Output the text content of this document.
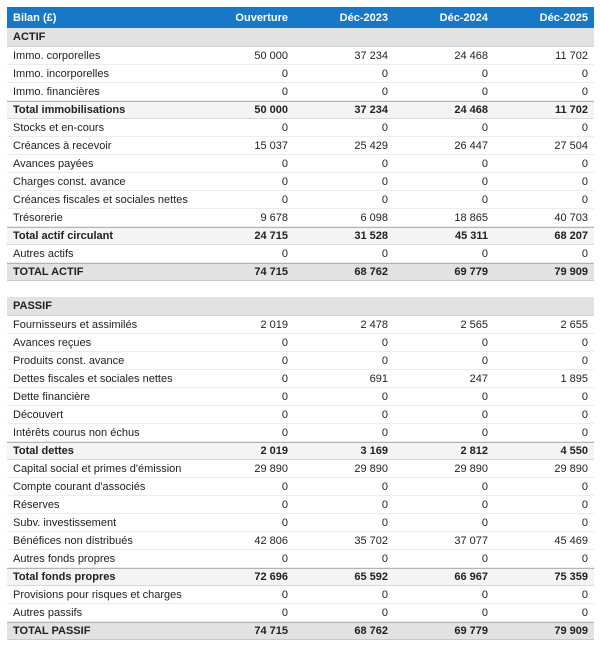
Bilan (£)	Ouverture	Déc-2023	Déc-2024	Déc-2025
ACTIF
Immo. corporelles	50 000	37 234	24 468	11 702
Immo. incorporelles	0	0	0	0
Immo. financières	0	0	0	0
Total immobilisations	50 000	37 234	24 468	11 702
Stocks et en-cours	0	0	0	0
Créances à recevoir	15 037	25 429	26 447	27 504
Avances payées	0	0	0	0
Charges const. avance	0	0	0	0
Créances fiscales et sociales nettes	0	0	0	0
Trésorerie	9 678	6 098	18 865	40 703
Total actif circulant	24 715	31 528	45 311	68 207
Autres actifs	0	0	0	0
TOTAL ACTIF	74 715	68 762	69 779	79 909
PASSIF
Fournisseurs et assimilés	2 019	2 478	2 565	2 655
Avances reçues	0	0	0	0
Produits const. avance	0	0	0	0
Dettes fiscales et sociales nettes	0	691	247	1 895
Dette financière	0	0	0	0
Découvert	0	0	0	0
Intérêts courus non échus	0	0	0	0
Total dettes	2 019	3 169	2 812	4 550
Capital social et primes d'émission	29 890	29 890	29 890	29 890
Compte courant d'associés	0	0	0	0
Réserves	0	0	0	0
Subv. investissement	0	0	0	0
Bénéfices non distribués	42 806	35 702	37 077	45 469
Autres fonds propres	0	0	0	0
Total fonds propres	72 696	65 592	66 967	75 359
Provisions pour risques et charges	0	0	0	0
Autres passifs	0	0	0	0
TOTAL PASSIF	74 715	68 762	69 779	79 909
